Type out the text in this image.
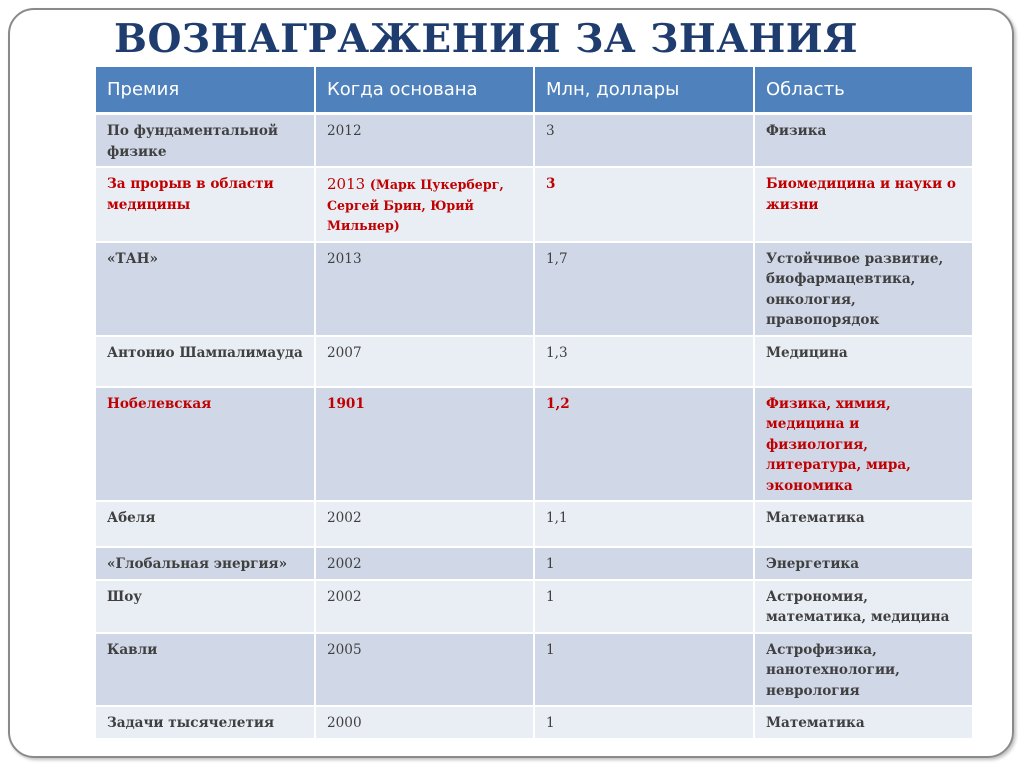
ВОЗНАГРАЖЕНИЯ ЗА ЗНАНИЯ
Премия	Когда основана	Млн, доллары	Область
По фундаментальной физике	2012	3	Физика
За прорыв в области медицины	2013 (Марк Цукерберг, Сергей Брин, Юрий Мильнер)	3	Биомедицина и науки о жизни
«ТАН»	2013	1,7	Устойчивое развитие, биофармацевтика, онкология, правопорядок
Антонио Шампалимауда	2007	1,3	Медицина
Нобелевская	1901	1,2	Физика, химия, медицина и физиология, литература, мира, экономика
Абеля	2002	1,1	Математика
«Глобальная энергия»	2002	1	Энергетика
Шоу	2002	1	Астрономия, математика, медицина
Кавли	2005	1	Астрофизика, нанотехнологии, неврология
Задачи тысячелетия	2000	1	Математика
